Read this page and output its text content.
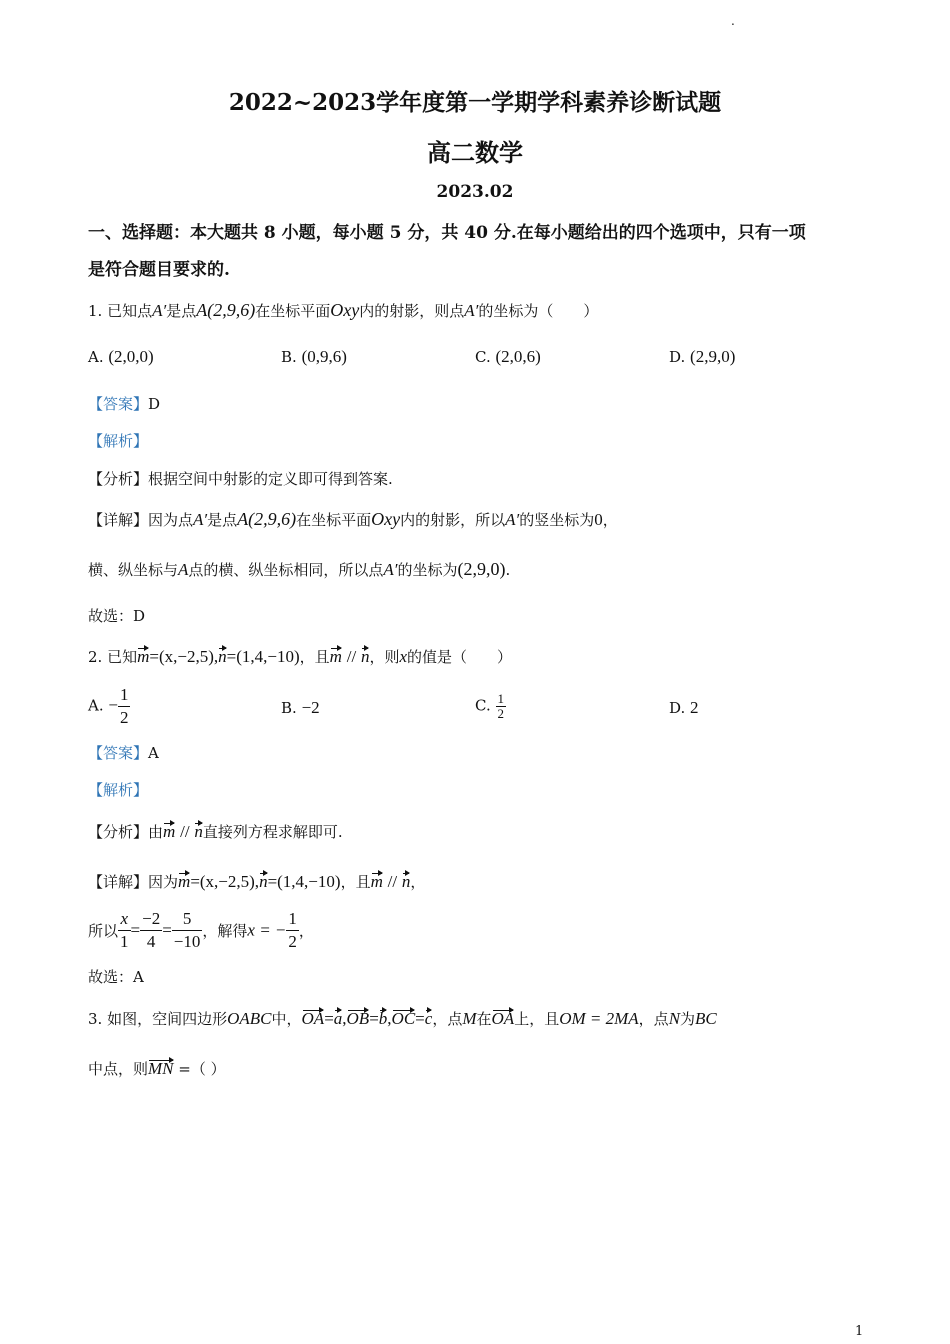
.
1
2022~2023学年度第一学期学科素养诊断试题
高二数学
2023.02
一、选择题：本大题共 8 小题，每小题 5 分，共 40 分.在每小题给出的四个选项中，只有一项
是符合题目要求的.
1. 已知点A′是点A(2,9,6)在坐标平面Oxy内的射影，则点A′的坐标为（　　）
A. (2,0,0)	B. (0,9,6)	C. (2,0,6)	D. (2,9,0)
【答案】D
【解析】
【分析】根据空间中射影的定义即可得到答案.
【详解】因为点A′是点A(2,9,6)在坐标平面Oxy内的射影，所以A′的竖坐标为0，
横、纵坐标与A点的横、纵坐标相同，所以点A′的坐标为(2,9,0).
故选：D
2. 已知m=(x,−2,5),n=(1,4,−10)，且m // n，则x的值是（　　）
A. − $\frac{1}{2}$	B. −2	C. $\frac{1}{2}$	D. 2
【答案】A
【解析】
【分析】由m // n直接列方程求解即可.
【详解】因为m=(x,−2,5),n=(1,4,−10)，且m // n，
所以 $\frac{x}{1} = \frac{-2}{4} = \frac{5}{-10}$ ，解得x = − $\frac{1}{2}$ ，
故选：A
3. 如图，空间四边形OABC中，OA=a,OB=b,OC=c，点M在OA上，且OM = 2MA，点N为BC
中点，则MN =（ ）
